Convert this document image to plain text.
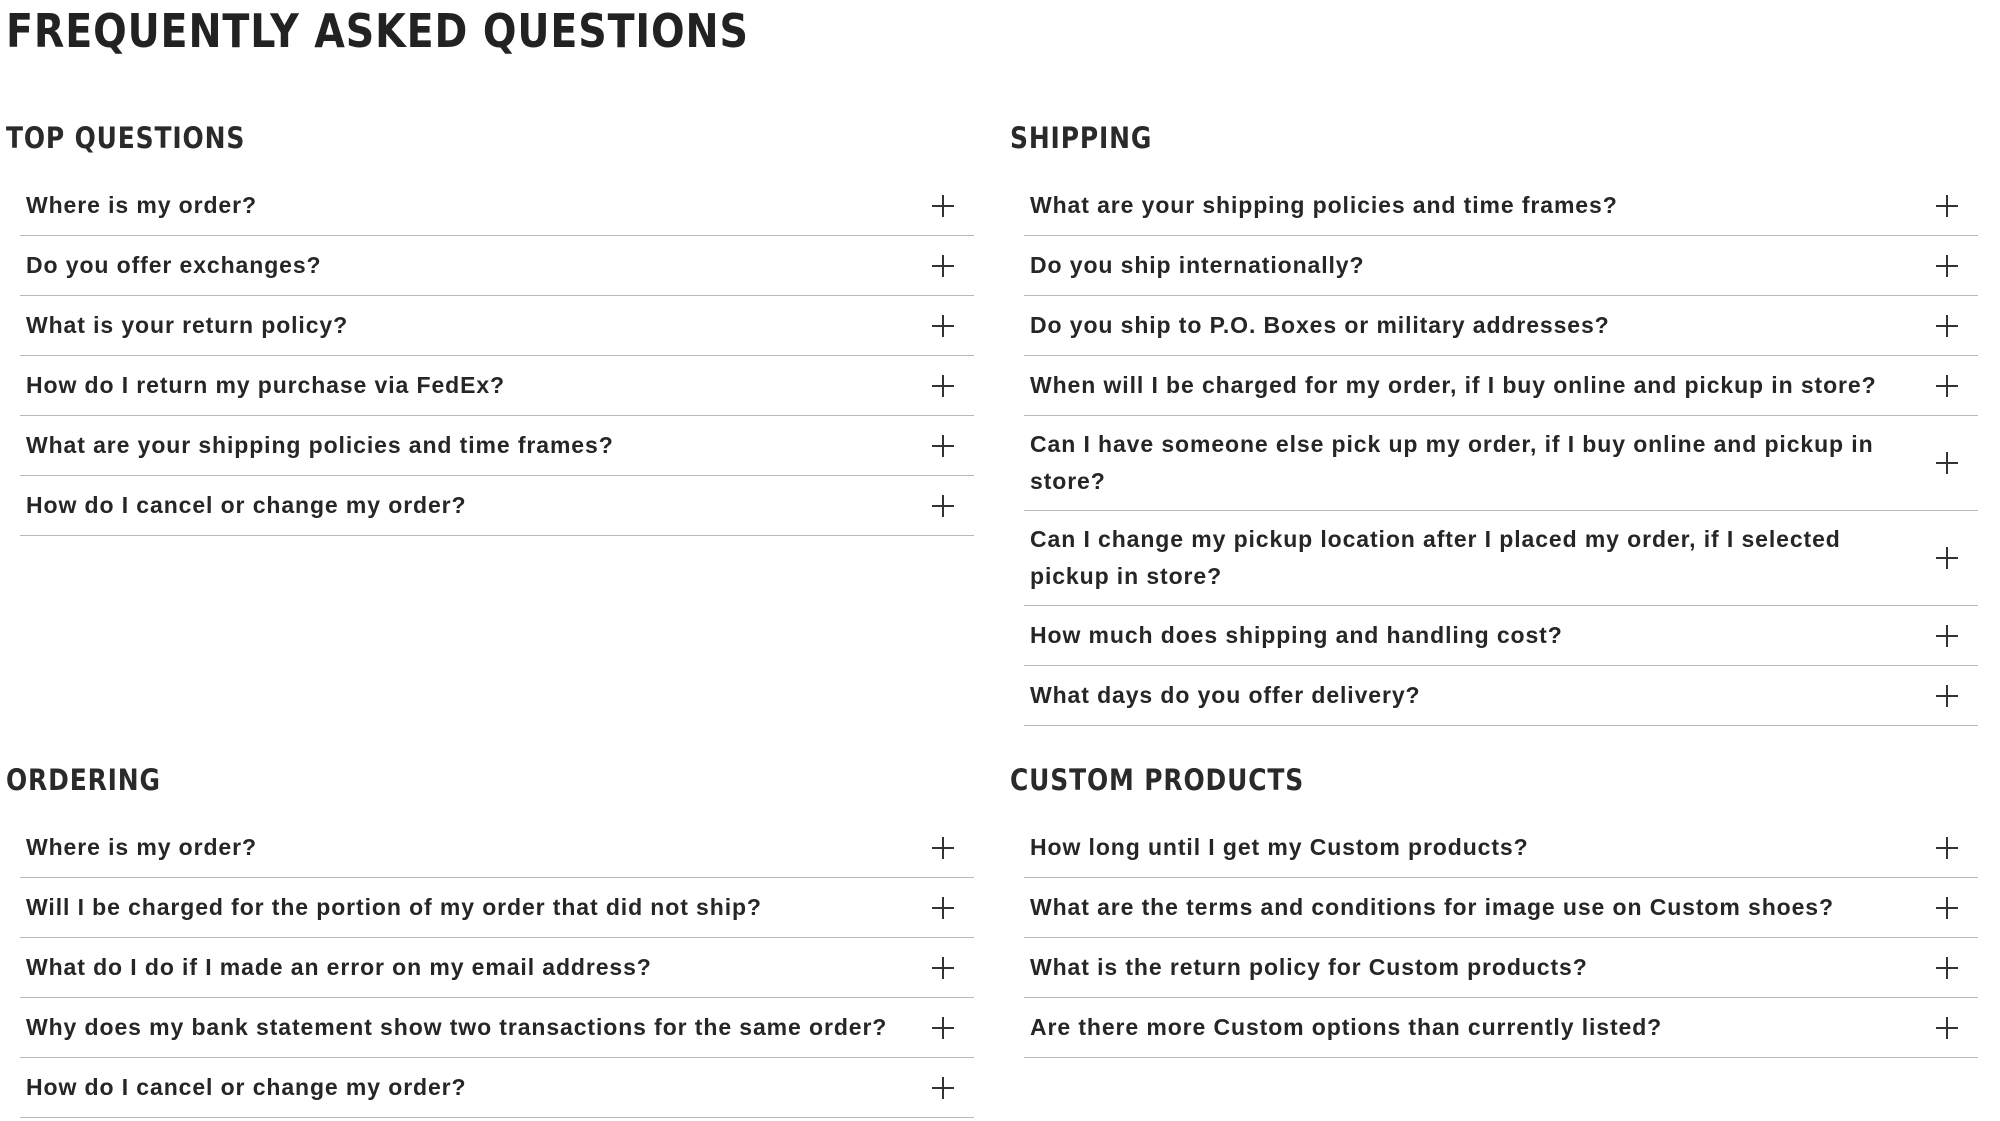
FREQUENTLY ASKED QUESTIONS
TOP QUESTIONS
Where is my order?
Do you offer exchanges?
What is your return policy?
How do I return my purchase via FedEx?
What are your shipping policies and time frames?
How do I cancel or change my order?
SHIPPING
What are your shipping policies and time frames?
Do you ship internationally?
Do you ship to P.O. Boxes or military addresses?
When will I be charged for my order, if I buy online and pickup in store?
Can I have someone else pick up my order, if I buy online and pickup in store?
Can I change my pickup location after I placed my order, if I selected pickup in store?
How much does shipping and handling cost?
What days do you offer delivery?
ORDERING
Where is my order?
Will I be charged for the portion of my order that did not ship?
What do I do if I made an error on my email address?
Why does my bank statement show two transactions for the same order?
How do I cancel or change my order?
CUSTOM PRODUCTS
How long until I get my Custom products?
What are the terms and conditions for image use on Custom shoes?
What is the return policy for Custom products?
Are there more Custom options than currently listed?
